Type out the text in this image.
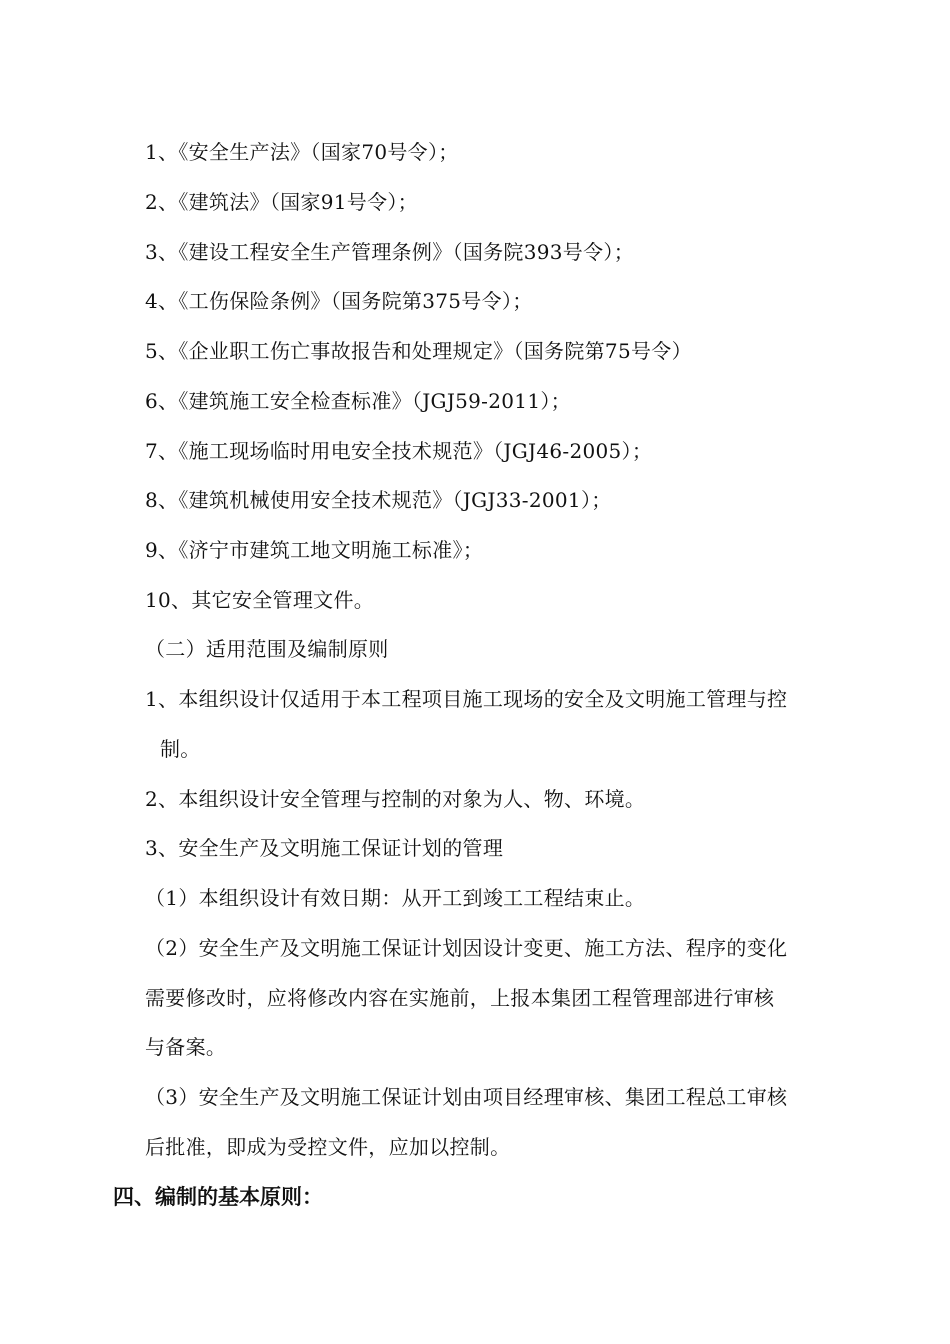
1、《安全生产法》（国家70号令）；
2、《建筑法》（国家91号令）；
3、《建设工程安全生产管理条例》（国务院393号令）；
4、《工伤保险条例》（国务院第375号令）；
5、《企业职工伤亡事故报告和处理规定》（国务院第75号令）
6、《建筑施工安全检查标准》（JGJ59-2011）；
7、《施工现场临时用电安全技术规范》（JGJ46-2005）；
8、《建筑机械使用安全技术规范》（JGJ33-2001）；
9、《济宁市建筑工地文明施工标准》；
10、其它安全管理文件。
（二）适用范围及编制原则
1、本组织设计仅适用于本工程项目施工现场的安全及文明施工管理与控
制。
2、本组织设计安全管理与控制的对象为人、物、环境。
3、安全生产及文明施工保证计划的管理
（1）本组织设计有效日期：从开工到竣工工程结束止。
（2）安全生产及文明施工保证计划因设计变更、施工方法、程序的变化
需要修改时，应将修改内容在实施前，上报本集团工程管理部进行审核
与备案。
（3）安全生产及文明施工保证计划由项目经理审核、集团工程总工审核
后批准，即成为受控文件，应加以控制。
四、编制的基本原则：
